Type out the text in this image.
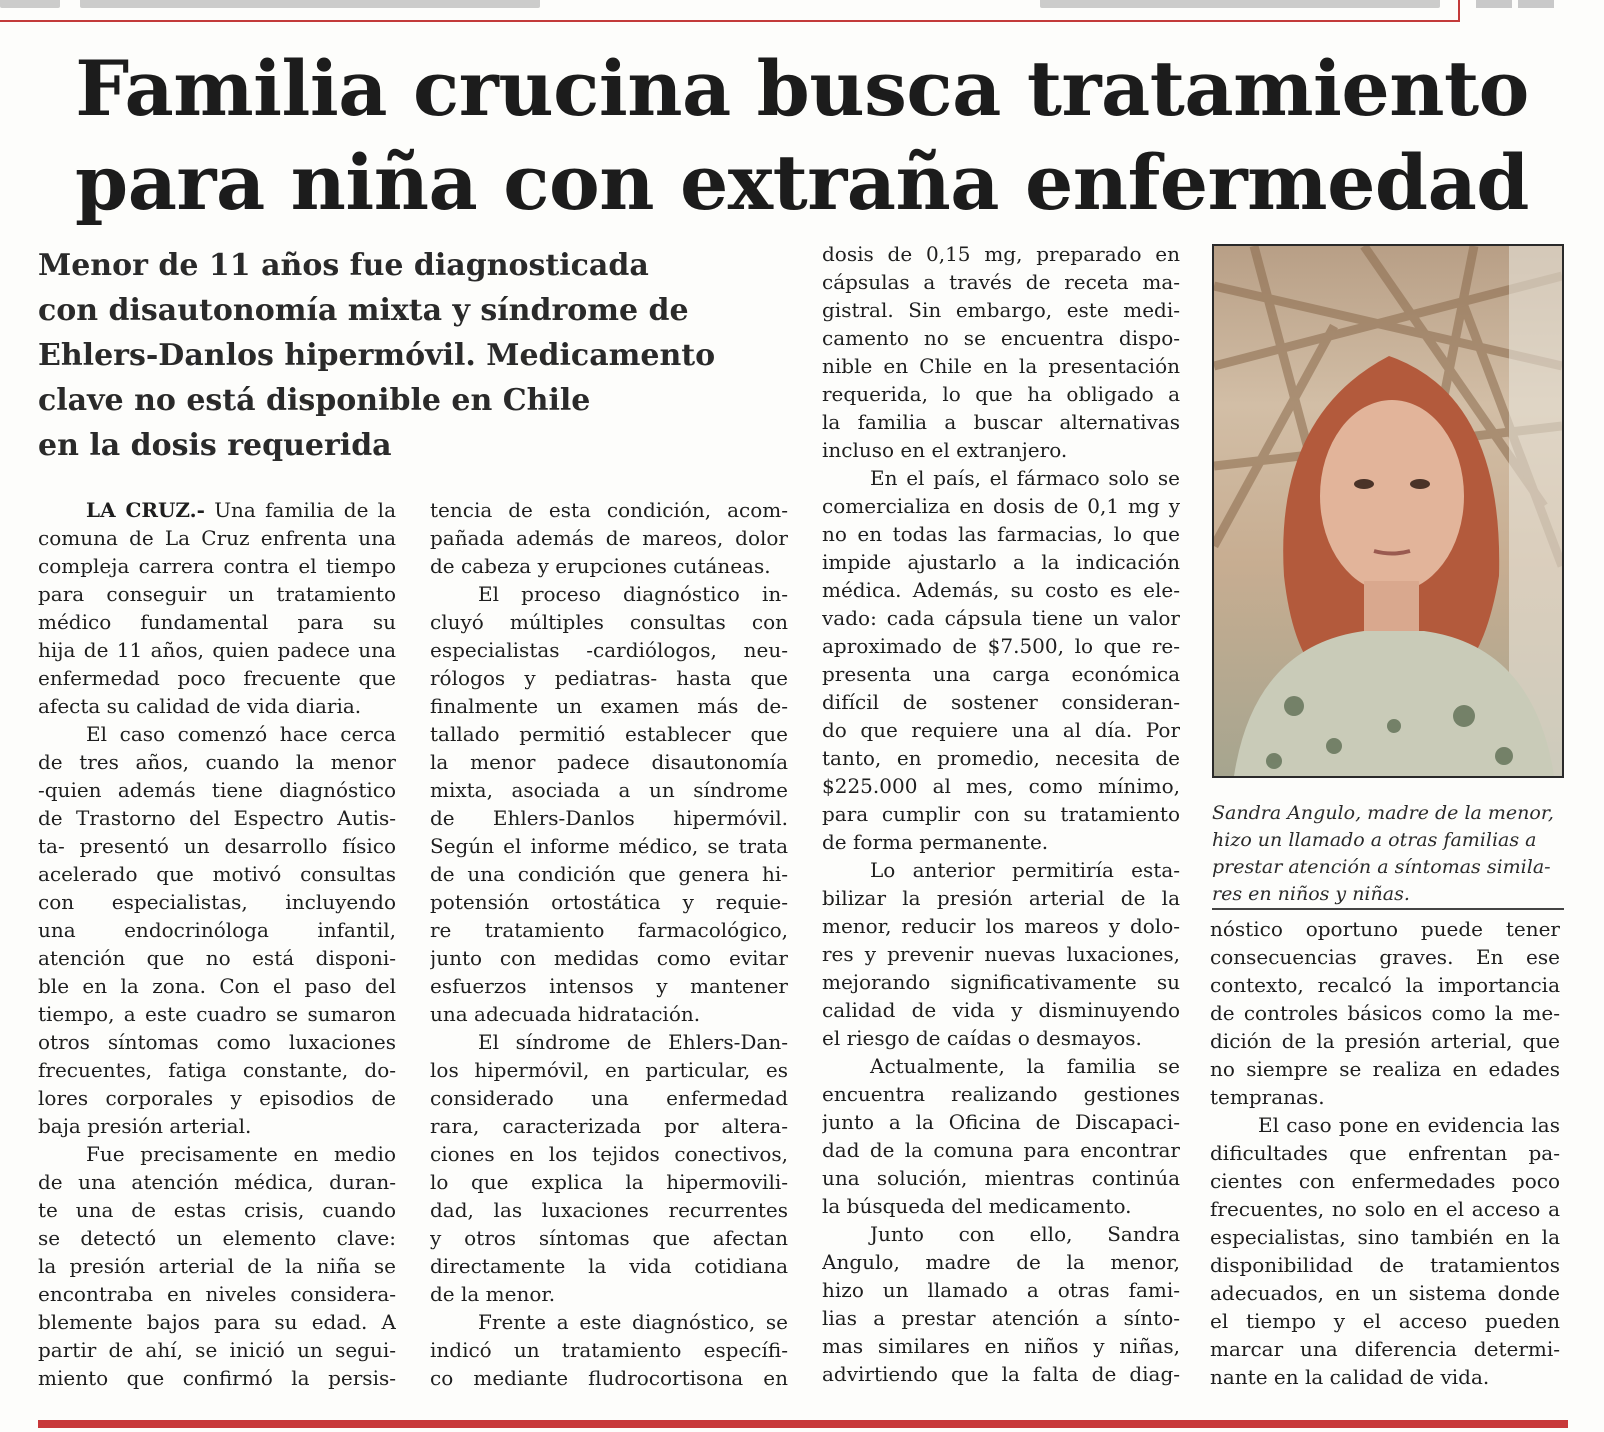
Familia crucina busca tratamiento
para niña con extraña enfermedad
Menor de 11 años fue diagnosticada
con disautonomía mixta y síndrome de
Ehlers-Danlos hipermóvil. Medicamento
clave no está disponible en Chile
en la dosis requerida
LA CRUZ.- Una familia de la
comuna de La Cruz enfrenta una
compleja carrera contra el tiempo
para conseguir un tratamiento
médico fundamental para su
hija de 11 años, quien padece una
enfermedad poco frecuente que
afecta su calidad de vida diaria.
El caso comenzó hace cerca
de tres años, cuando la menor
-quien además tiene diagnóstico
de Trastorno del Espectro Autis-
ta- presentó un desarrollo físico
acelerado que motivó consultas
con especialistas, incluyendo
una endocrinóloga infantil,
atención que no está disponi-
ble en la zona. Con el paso del
tiempo, a este cuadro se sumaron
otros síntomas como luxaciones
frecuentes, fatiga constante, do-
lores corporales y episodios de
baja presión arterial.
Fue precisamente en medio
de una atención médica, duran-
te una de estas crisis, cuando
se detectó un elemento clave:
la presión arterial de la niña se
encontraba en niveles considera-
blemente bajos para su edad. A
partir de ahí, se inició un segui-
miento que confirmó la persis-
tencia de esta condición, acom-
pañada además de mareos, dolor
de cabeza y erupciones cutáneas.
El proceso diagnóstico in-
cluyó múltiples consultas con
especialistas -cardiólogos, neu-
rólogos y pediatras- hasta que
finalmente un examen más de-
tallado permitió establecer que
la menor padece disautonomía
mixta, asociada a un síndrome
de Ehlers-Danlos hipermóvil.
Según el informe médico, se trata
de una condición que genera hi-
potensión ortostática y requie-
re tratamiento farmacológico,
junto con medidas como evitar
esfuerzos intensos y mantener
una adecuada hidratación.
El síndrome de Ehlers-Dan-
los hipermóvil, en particular, es
considerado una enfermedad
rara, caracterizada por altera-
ciones en los tejidos conectivos,
lo que explica la hipermovili-
dad, las luxaciones recurrentes
y otros síntomas que afectan
directamente la vida cotidiana
de la menor.
Frente a este diagnóstico, se
indicó un tratamiento específi-
co mediante fludrocortisona en
dosis de 0,15 mg, preparado en
cápsulas a través de receta ma-
gistral. Sin embargo, este medi-
camento no se encuentra dispo-
nible en Chile en la presentación
requerida, lo que ha obligado a
la familia a buscar alternativas
incluso en el extranjero.
En el país, el fármaco solo se
comercializa en dosis de 0,1 mg y
no en todas las farmacias, lo que
impide ajustarlo a la indicación
médica. Además, su costo es ele-
vado: cada cápsula tiene un valor
aproximado de $7.500, lo que re-
presenta una carga económica
difícil de sostener consideran-
do que requiere una al día. Por
tanto, en promedio, necesita de
$225.000 al mes, como mínimo,
para cumplir con su tratamiento
de forma permanente.
Lo anterior permitiría esta-
bilizar la presión arterial de la
menor, reducir los mareos y dolo-
res y prevenir nuevas luxaciones,
mejorando significativamente su
calidad de vida y disminuyendo
el riesgo de caídas o desmayos.
Actualmente, la familia se
encuentra realizando gestiones
junto a la Oficina de Discapaci-
dad de la comuna para encontrar
una solución, mientras continúa
la búsqueda del medicamento.
Junto con ello, Sandra
Angulo, madre de la menor,
hizo un llamado a otras fami-
lias a prestar atención a sínto-
mas similares en niños y niñas,
advirtiendo que la falta de diag-
nóstico oportuno puede tener
consecuencias graves. En ese
contexto, recalcó la importancia
de controles básicos como la me-
dición de la presión arterial, que
no siempre se realiza en edades
tempranas.
El caso pone en evidencia las
dificultades que enfrentan pa-
cientes con enfermedades poco
frecuentes, no solo en el acceso a
especialistas, sino también en la
disponibilidad de tratamientos
adecuados, en un sistema donde
el tiempo y el acceso pueden
marcar una diferencia determi-
nante en la calidad de vida.
Sandra Angulo, madre de la menor,
hizo un llamado a otras familias a
prestar atención a síntomas simila-
res en niños y niñas.
